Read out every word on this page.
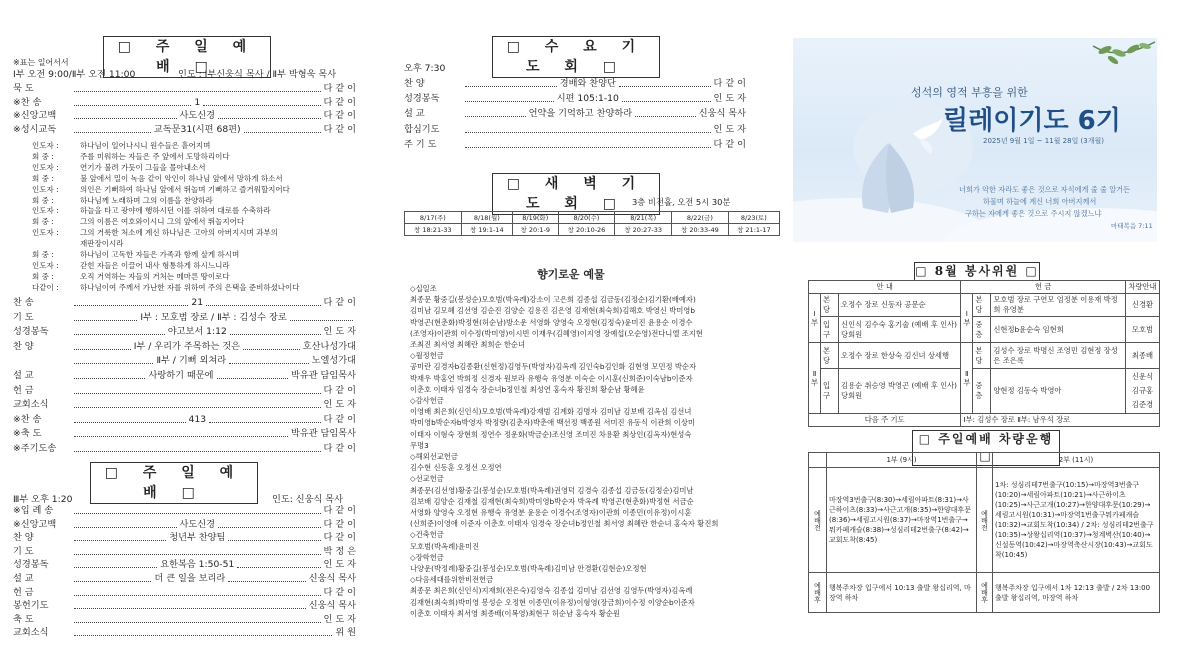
□ 주 일 예 배 □
※표는 일어서서
Ⅰ부 오전 9:00/Ⅱ부 오전 11:00	인도 : Ⅰ부신웅식 목사 / Ⅱ부 박형욱 목사
묵 도	다 같 이
※찬 송	1	다 같 이
※신앙고백	사도신경	다 같 이
※성시교독	교독문31(시편 68편)	다 같 이
인도자 :	하나님이 일어나시니 원수들은 흩어지며
회 중 :	주를 미워하는 자들은 주 앞에서 도망하리이다
인도자 :	연기가 불려 가듯이 그들을 몰아내소서
회 중 :	불 앞에서 밀이 녹음 같이 악인이 하나님 앞에서 망하게 하소서
인도자 :	의인은 기뻐하여 하나님 앞에서 뛰놀며 기뻐하고 즐거워할지어다
회 중 :	하나님께 노래하며 그의 이름을 찬양하라
인도자 :	하늘을 타고 광야에 행하시던 이를 위하여 대로를 수축하라
회 중 :	그의 이름은 여호와이시니 그의 앞에서 뛰놀지어다
인도자 :	그의 거룩한 처소에 계신 하나님은 고아의 아버지시며 과부의
재판장이시라
회 중 :	하나님이 고독한 자들은 가족과 함께 살게 하시며
인도자 :	갇힌 자들은 이끌어 내사 형통하게 하시느니라
회 중 :	오직 거역하는 자들의 거처는 메마른 땅이로다
다같이 :	하나님이여 주께서 가난한 자를 위하여 주의 은택을 준비하셨나이다
찬 송	21	다 같 이
기 도	Ⅰ부 : 모호범 장로 / Ⅱ부 : 김성수 장로
성경봉독	야고보서 1:12	인 도 자
찬 양	Ⅰ부 / 우리가 주목하는 것은	호산나성가대
Ⅱ부 / 기뻐 외쳐라	노엘성가대
설 교	사랑하기 때문에	박유관 담임목사
헌 금	다 같 이
교회소식	인 도 자
※찬 송	413	다 같 이
※축 도	박유관 담임목사
※주기도송	다 같 이
□ 주 일 예 배 □
Ⅲ부 오후 1:20	인도: 신웅식 목사
※입 례 송	다 같 이
※신앙고백	사도신경	다 같 이
찬 양	청년부 찬양팀	다 같 이
기 도	박 정 은
성경봉독	요한복음 1:50-51	인 도 자
설 교	더 큰 일을 보리라	신웅식 목사
헌 금	다 같 이
봉헌기도	신웅식 목사
축 도	인 도 자
교회소식	위 원
□ 수 요 기 도 회 □
오후 7:30
찬 양	경배와 찬양단	다 같 이
성경봉독	시편 105:1-10	인 도 자
설 교	언약을 기억하고 찬양하라	신웅식 목사
합심기도	인 도 자
주 기 도	다 같 이
□ 새 벽 기 도 회 □ 3층 비전홀, 오전 5시 30분
8/17(주)	8/18(월)	8/19(화)	8/20(수)	8/21(목)	8/22(금)	8/23(토)
창 18:21-33	창 19:1-14	창 20:1-9	창 20:10-26	창 20:27-33	창 20:33-49	창 21:1-17
향기로운 예물
◇십일조
최종문 황중길(봉성순)모호범(박옥례)강소이 고은희 김종섭 김금동(김정순)김기환(배예자)
김미남 김모혜 김선영 김순진 김양순 김용진 김은영 김재현(최숙희)김해호 박영신 박미영b
박영곤(현춘화)박정현(허순남)방소운 서영화 양영숙 오정현(김정숙)윤미진 윤용순 이경수
(조영자)이관희 이수정(박미영)이시빈 이재우(김혜영)이지영 장예섭(오순영)전다니엘 조지현
조최진 최서영 최혜란 최희순 한순녀
◇월정헌금
공미란 김경자b김종환(신현정)김영두(박영자)김옥례 김인숙b김인화 김현영 모민정 박순자
박재우 박홍연 박희정 신경자 원보라 유행숙 유영분 이숙순 이시훈(신희준)이숙남b이준자
이춘호 이태자 임경숙 장순녀b정인철 최성연 홍숙자 황진희 황순남 황혜윤
◇감사헌금
이영배 최은희(신인식)모호범(박옥례)강재범 김계화 김명자 김미남 김보배 김옥심 김선녀
박미영b박순자b박영자 박정량(김춘자)박춘애 백선정 백종원 서미진 유동식 이관희 이상미
이태자 이형숙 장현희 정연수 정운화(박금순)조신영 조미진 차용환 최상인(김옥자)현성숙
무명3
◇해외선교헌금
김수현 신동훈 오정선 오정연
◇선교헌금
최종문(김선영)황중길(봉성순)모호범(박옥례)권영덕 김경숙 김종섭 김금동(김정순)김미남
김보배 김양순 김재철 김재현(최숙희)박미영b박순자 박옥례 박영곤(현춘화)박정현 서금순
서영화 양영숙 오정현 유행숙 유영분 윤용순 이경수(조영자)이관희 이종민(이유정)이시훈
(신희준)이영애 이준자 이춘호 이태자 임경숙 장순녀b정인철 최서영 최혜란 한순녀 홍숙자 황진희
◇건축헌금
모호범(박옥례)윤미진
◇장학헌금
나양운(박정례)황중길(봉성순)모호범(박옥례)김미남 안경환(김현순)오정현
◇다음세대를위한비전헌금
최종문 최은희(신인식)지재희(전은숙)김영숙 김종섭 김미남 김선영 김영두(박영자)김옥례
김재현(최숙희)박미영 봉성순 오정현 이종민(이유정)이형영(장금희)이수정 이양순b이준자
이춘호 이태자 최서영 최종배(이복영)최현구 허순남 홍숙자 황순원
성석의 영적 부흥을 위한
릴레이기도 6기
2025년 9월 1일 ~ 11월 28일 (3개월)
너희가 악한 자라도 좋은 것으로 자식에게 줄 줄 알거든
하물며 하늘에 계신 너희 아버지께서
구하는 자에게 좋은 것으로 주시지 않겠느냐
마태복음 7:11
□ 8월 봉사위원 □
안 내			헌 금			차량안내
Ⅰ부	본당	오정수 장로 신동자 공문순	Ⅰ부	본당	모호범 장로 구연모 엄정분 이용재 박정희 유영분	신경환
	입구	신인식 김수숙 홍기술 (예배 후 인사) 당회원		중층	신현정b윤순숙 임현희	모호범
Ⅱ부	본당	오정수 장로 한상숙 김신녀 상세행	Ⅱ부	본당	김성수 장로 박명신 조영민 김현정 장성은 조은록	최종배
	입구	김용순 취승영 박영곤 (예배 후 인사) 당회원		중층	양현정 김동숙 박영아	신운식
김규홍
김준경
다음 주 기도			Ⅰ부: 김성수 장로 Ⅱ부: 남우석 장로			
□ 주일예배 차량운행 □
	1부 (9시)		2부 (11시)
예배전	마장역3번출구(8:30)→세림아파트(8:31)→사근하이츠(8:33)→사근고개(8:35)→한양대후문(8:36)→세림고시원(8:37)→마장역1번출구→뭐카페캐슬(8:38)→성심리테2번출구(8:42)→교회도착(8:45)	예배전	1차: 성심리테7번출구(10:15)→마장역3번출구(10:20)→세림아파트(10:21)→사근하이츠(10:25)→사근고개(10:27)→한양대후문(10:29)→세림고시원(10:31)→마장역1번출구뭐카페캐슬(10:32)→교회도착(10:34) / 2차: 성심리테2번출구(10:35)→상왕십리역(10:37)→청계벽산(10:40)→신설동역(10:42)→마장역축산시장(10:43)→교회도착(10:45)
예배후	행복주차장 입구에서 10:13 출발 왕십리역, 마장역 하차	예배후	행복주차장 입구에서 1차 12:13 출발 / 2차 13:00 출발 왕십리역, 마장역 하차
